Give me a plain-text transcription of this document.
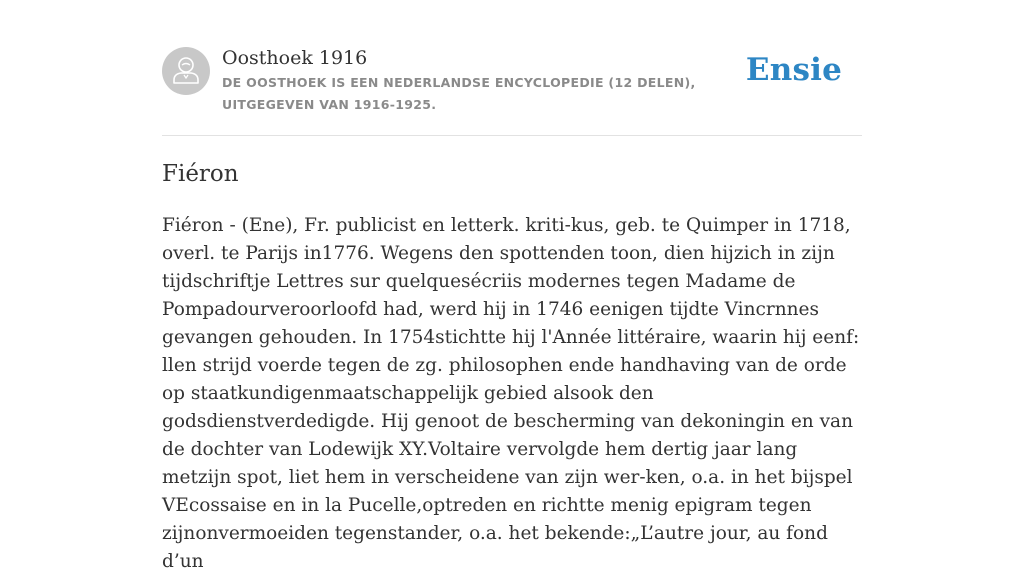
Oosthoek 1916
DE OOSTHOEK IS EEN NEDERLANDSE ENCYCLOPEDIE (12 DELEN), UITGEGEVEN VAN 1916-1925.
Ensie
Fiéron

Fiéron - (Ene), Fr. publicist en letterk. kriti-kus, geb. te Quimper in 1718, overl. te Parijs in1776. Wegens den spottenden toon, dien hijzich in zijn tijdschriftje Lettres sur quelquesécriis modernes tegen Madame de Pompadourveroorloofd had, werd hij in 1746 eenigen tijdte Vincrnnes gevangen gehouden. In 1754stichtte hij l'Année littéraire, waarin hij eenf: llen strijd voerde tegen de zg. philosophen ende handhaving van de orde op staatkundigenmaatschappelijk gebied alsook den godsdienstverdedigde. Hij genoot de bescherming van dekoningin en van de dochter van Lodewijk XY.Voltaire vervolgde hem dertig jaar lang metzijn spot, liet hem in verscheidene van zijn wer-ken, o.a. in het bijspel VEcossaise en in la Pucelle,optreden en richtte menig epigram tegen zijnonvermoeiden tegenstander, o.a. het bekende:„L’autre jour, au fond d’un
